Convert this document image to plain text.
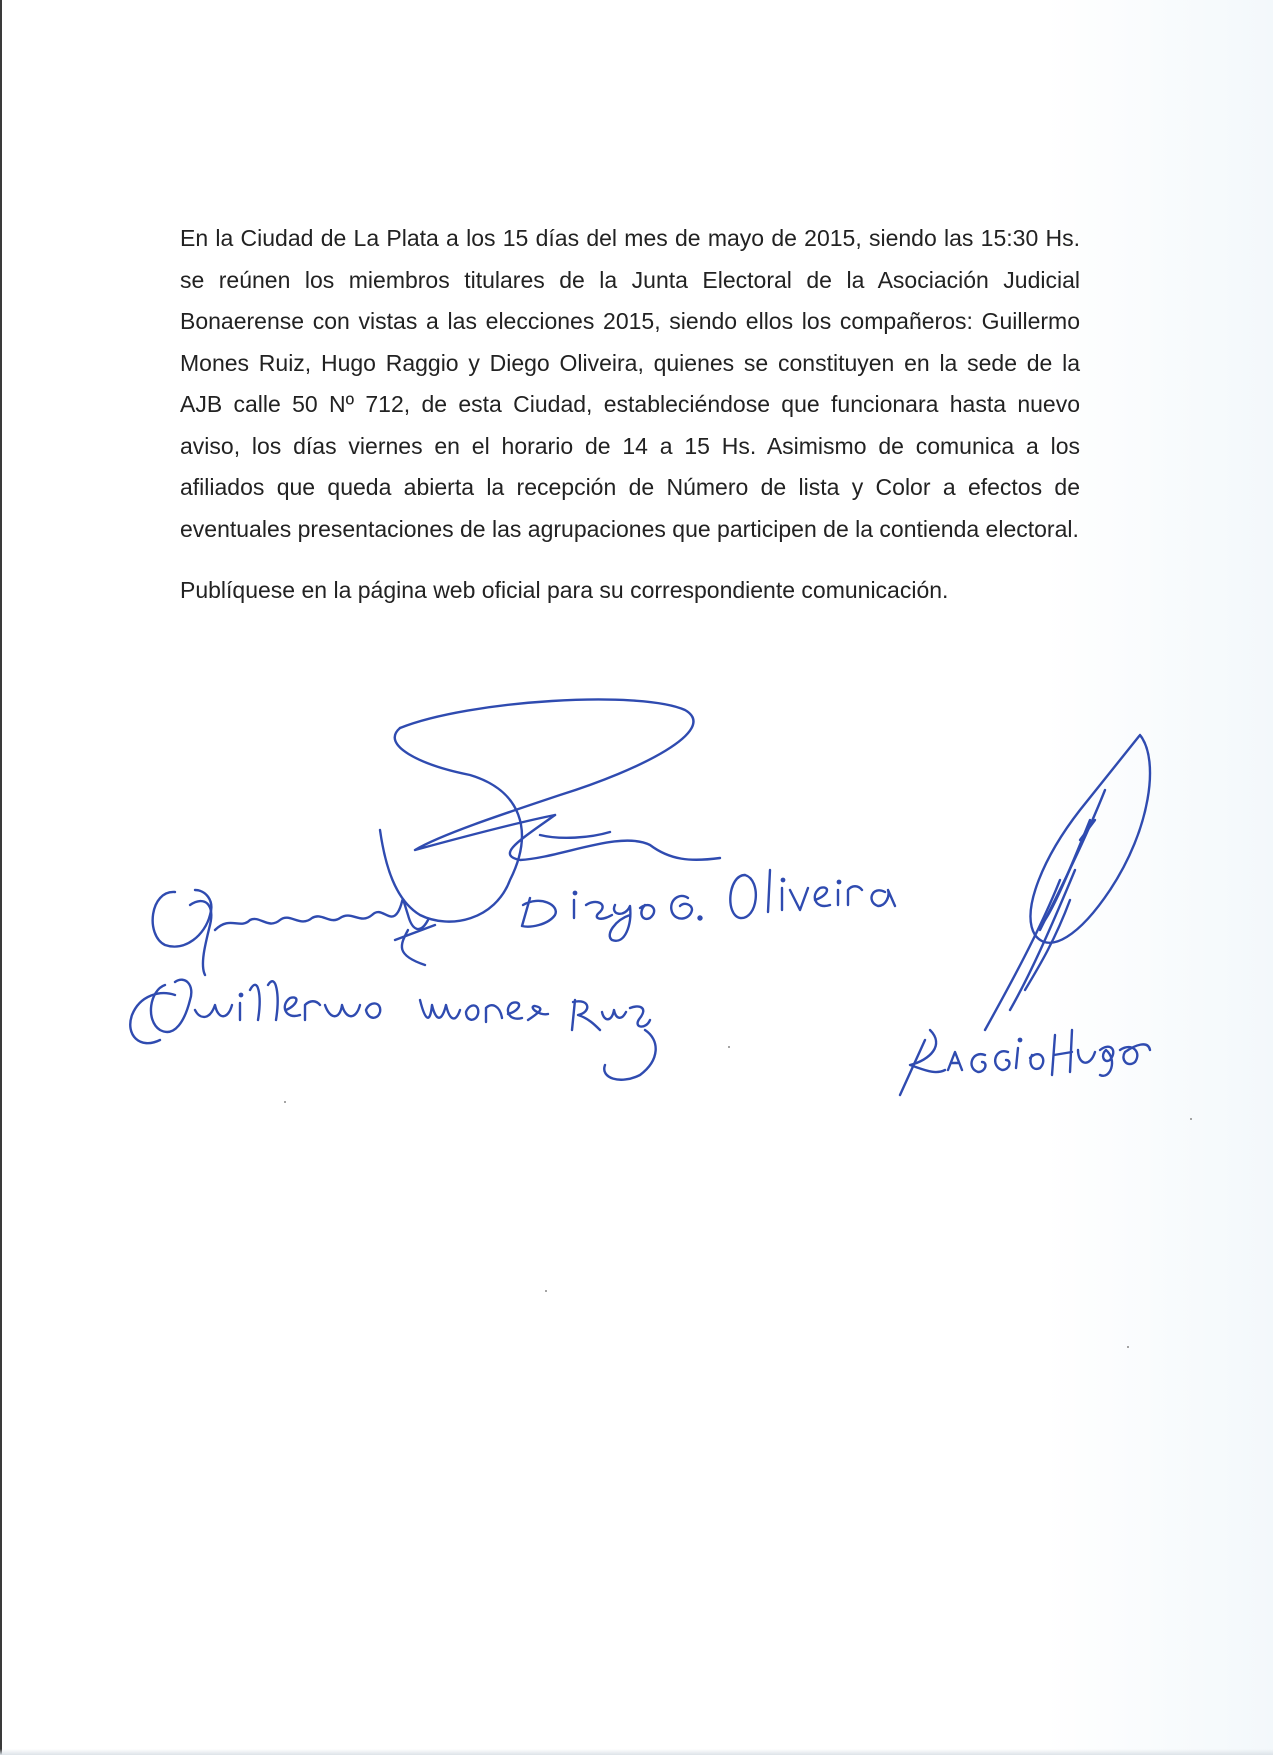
En la Ciudad de La Plata a los 15 días del mes de mayo de 2015, siendo las 15:30 Hs. se reúnen los miembros titulares de la Junta Electoral de la Asociación Judicial Bonaerense con vistas a las elecciones 2015, siendo ellos los compañeros: Guillermo Mones Ruiz, Hugo Raggio y Diego Oliveira, quienes se constituyen en la sede de la AJB calle 50 Nº 712, de esta Ciudad, estableciéndose que funcionara hasta nuevo aviso, los días viernes en el horario de 14 a 15 Hs. Asimismo de comunica a los afiliados que queda abierta la recepción de Número de lista y Color a efectos de eventuales presentaciones de las agrupaciones que participen de la contienda electoral.

Publíquese en la página web oficial para su correspondiente comunicación.
